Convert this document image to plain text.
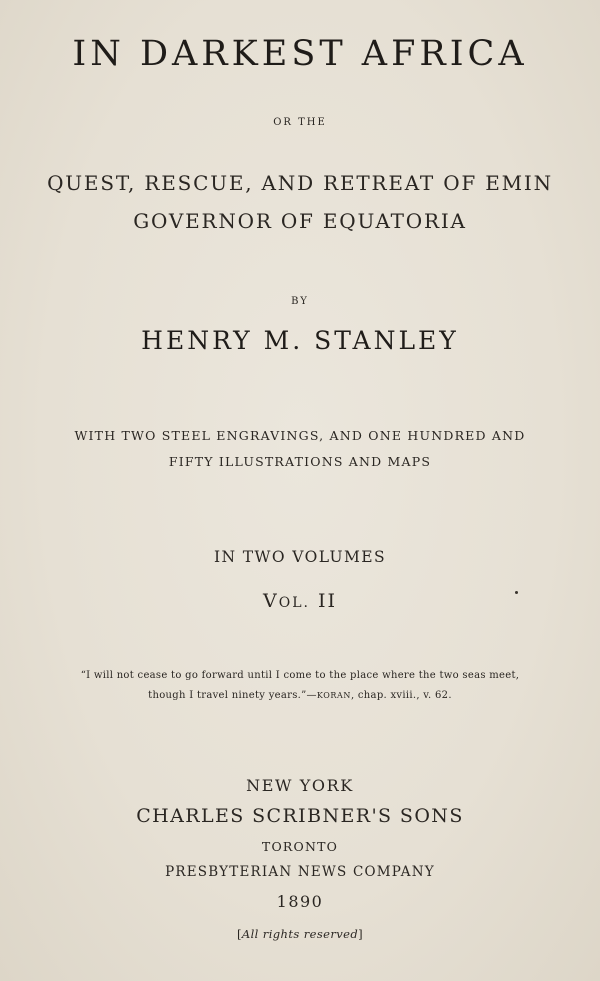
IN DARKEST AFRICA

OR THE

QUEST, RESCUE, AND RETREAT OF EMIN

GOVERNOR OF EQUATORIA

BY

HENRY M. STANLEY

WITH TWO STEEL ENGRAVINGS, AND ONE HUNDRED AND

FIFTY ILLUSTRATIONS AND MAPS

IN TWO VOLUMES

VOL. II

“I will not cease to go forward until I come to the place where the two seas meet,

though I travel ninety years.”—KORAN, chap. xviii., v. 62.

NEW YORK

CHARLES SCRIBNER'S SONS

TORONTO

PRESBYTERIAN NEWS COMPANY

1890

[All rights reserved]
